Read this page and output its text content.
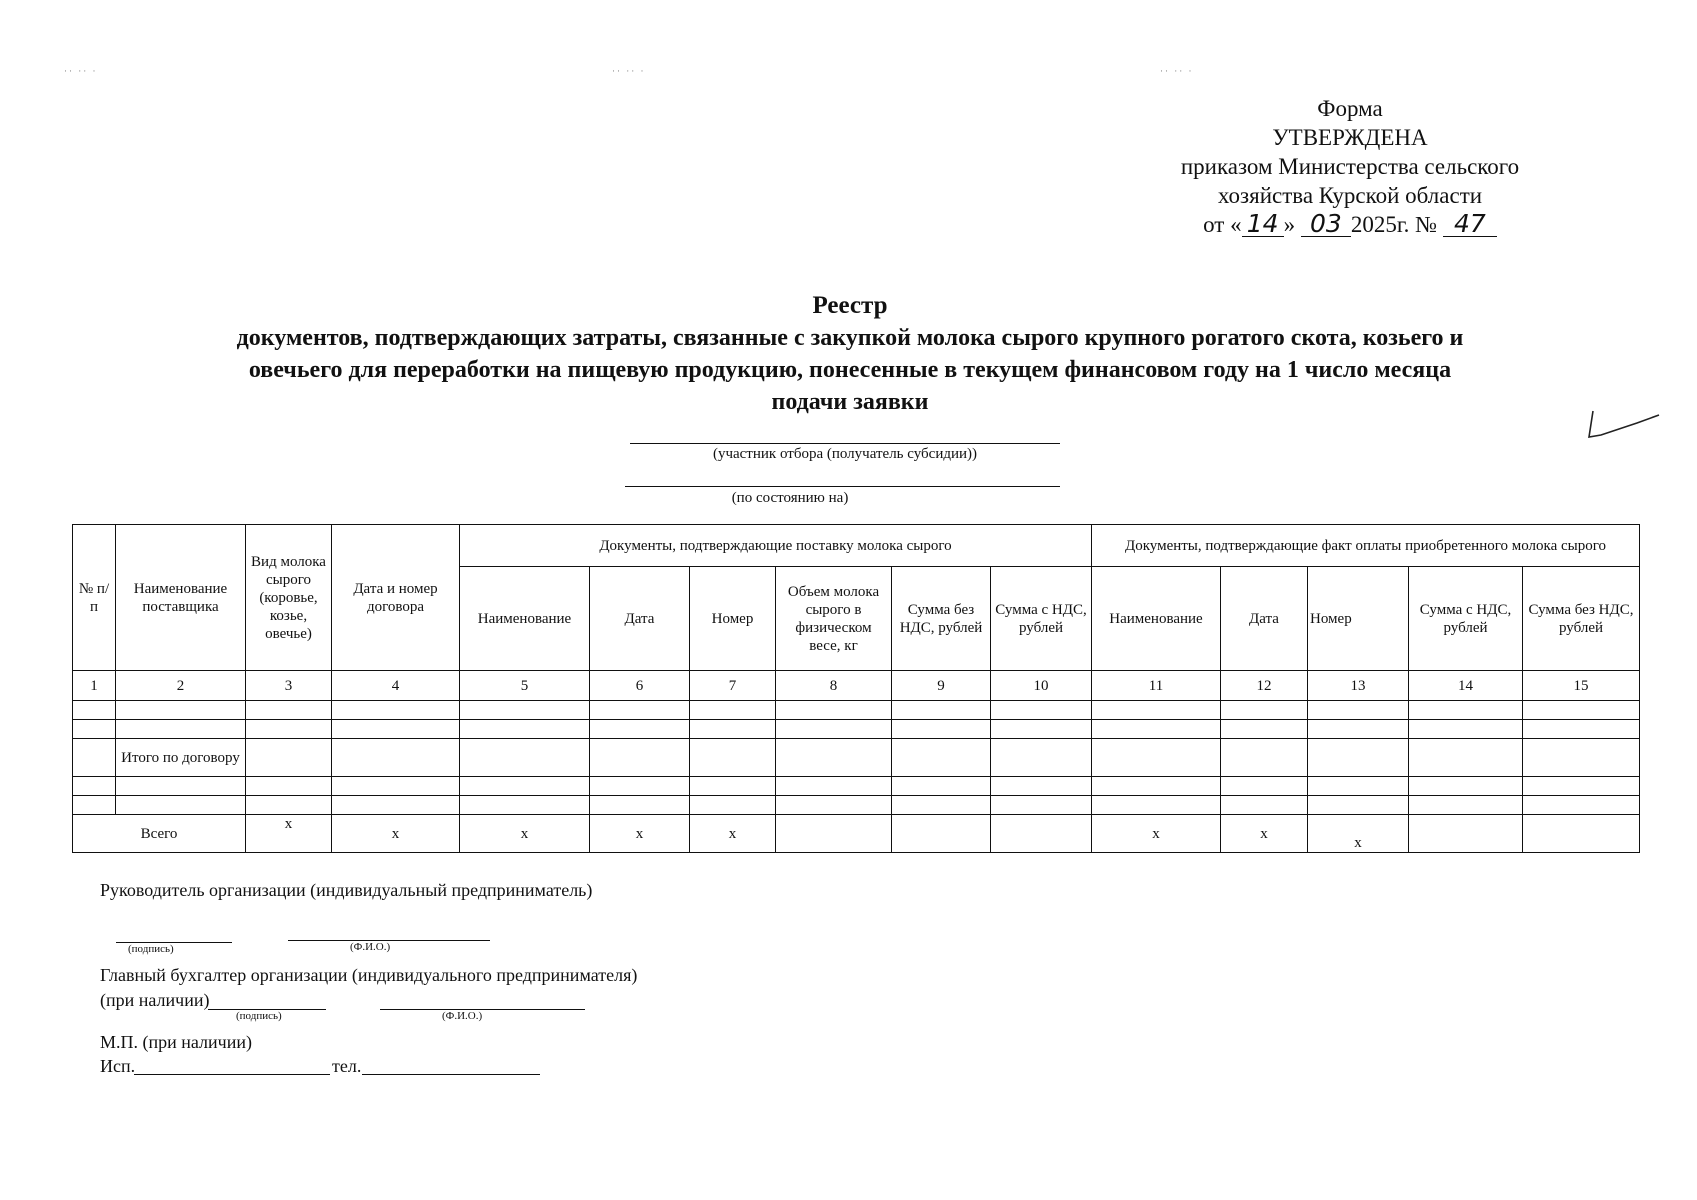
·· ·· ·	·· ·· ·	·· ·· ·
Форма
УТВЕРЖДЕНА
приказом Министерства сельского
хозяйства Курской области
от « 14 » 03 2025г. № 47
Реестр
документов, подтверждающих затраты, связанные с закупкой молока сырого крупного рогатого скота, козьего и
овечьего для переработки на пищевую продукцию, понесенные в текущем финансовом году на 1 число месяца
подачи заявки
(участник отбора (получатель субсидии))
(по состоянию на)
№ п/п	Наименование поставщика	Вид молока сырого (коровье, козье, овечье)	Дата и номер договора	Документы, подтверждающие поставку молока сырого						Документы, подтверждающие факт оплаты приобретенного молока сырого				
				Наименование	Дата	Номер	Объем молока сырого в физическом весе, кг	Сумма без НДС, рублей	Сумма с НДС, рублей	Наименование	Дата	Номер	Сумма с НДС, рублей	Сумма без НДС, рублей
1	2	3	4	5	6	7	8	9	10	11	12	13	14	15

	Итого по договору													

Всего		х	х	х	х	х				х	х	х		
Руководитель организации (индивидуальный предприниматель)
(подпись)	(Ф.И.О.)
Главный бухгалтер организации (индивидуального предпринимателя)
(при наличии)
(подпись)	(Ф.И.О.)
М.П. (при наличии)
Исп.	тел.
